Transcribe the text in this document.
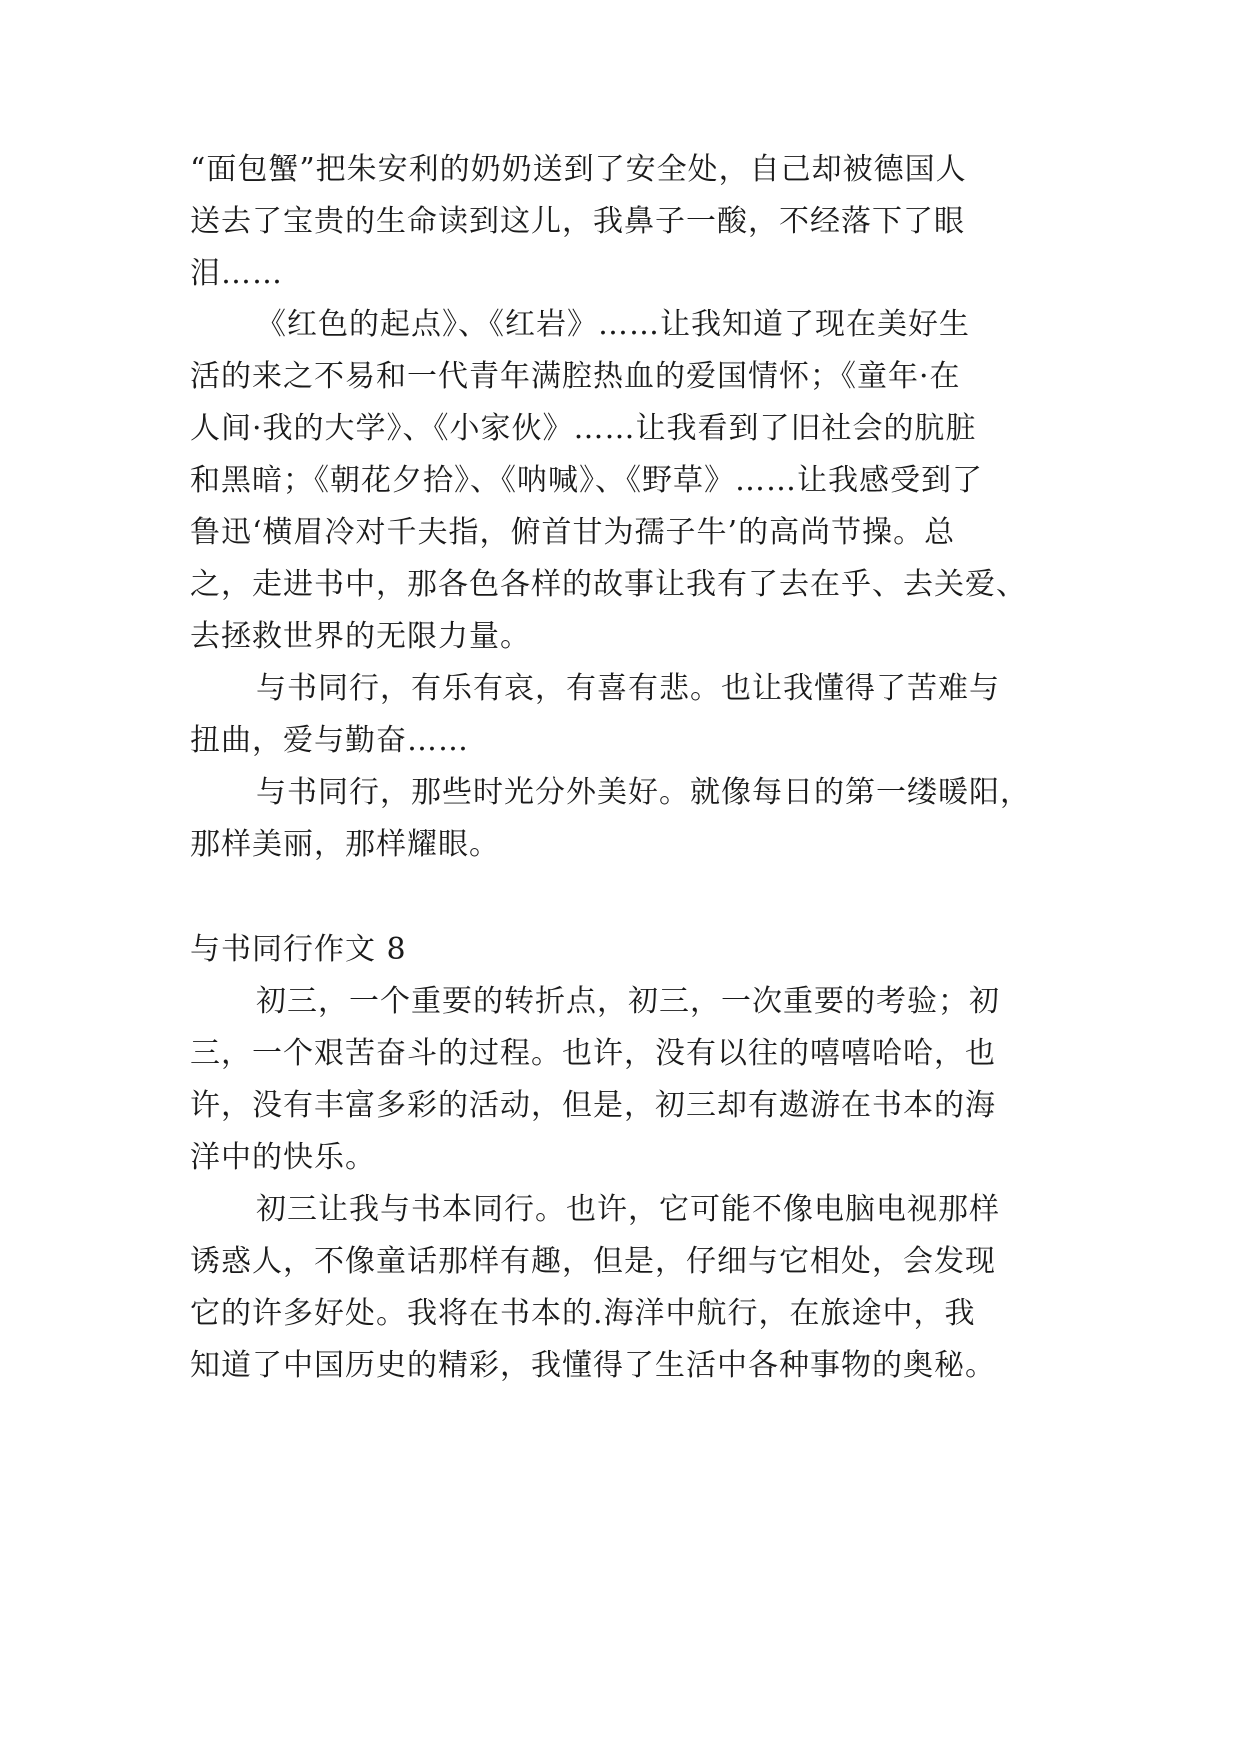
“面包蟹”把朱安利的奶奶送到了安全处，自己却被德国人
送去了宝贵的生命读到这儿，我鼻子一酸，不经落下了眼
泪……
《红色的起点》、《红岩》……让我知道了现在美好生
活的来之不易和一代青年满腔热血的爱国情怀；《童年·在
人间·我的大学》、《小家伙》……让我看到了旧社会的肮脏
和黑暗；《朝花夕拾》、《呐喊》、《野草》……让我感受到了
鲁迅‘横眉冷对千夫指，俯首甘为孺子牛’的高尚节操。总
之，走进书中，那各色各样的故事让我有了去在乎、去关爱、
去拯救世界的无限力量。
与书同行，有乐有哀，有喜有悲。也让我懂得了苦难与
扭曲，爱与勤奋……
与书同行，那些时光分外美好。就像每日的第一缕暖阳，
那样美丽，那样耀眼。
与书同行作文 8
初三，一个重要的转折点，初三，一次重要的考验；初
三，一个艰苦奋斗的过程。也许，没有以往的嘻嘻哈哈，也
许，没有丰富多彩的活动，但是，初三却有遨游在书本的海
洋中的快乐。
初三让我与书本同行。也许，它可能不像电脑电视那样
诱惑人，不像童话那样有趣，但是，仔细与它相处，会发现
它的许多好处。我将在书本的.海洋中航行，在旅途中，我
知道了中国历史的精彩，我懂得了生活中各种事物的奥秘。
